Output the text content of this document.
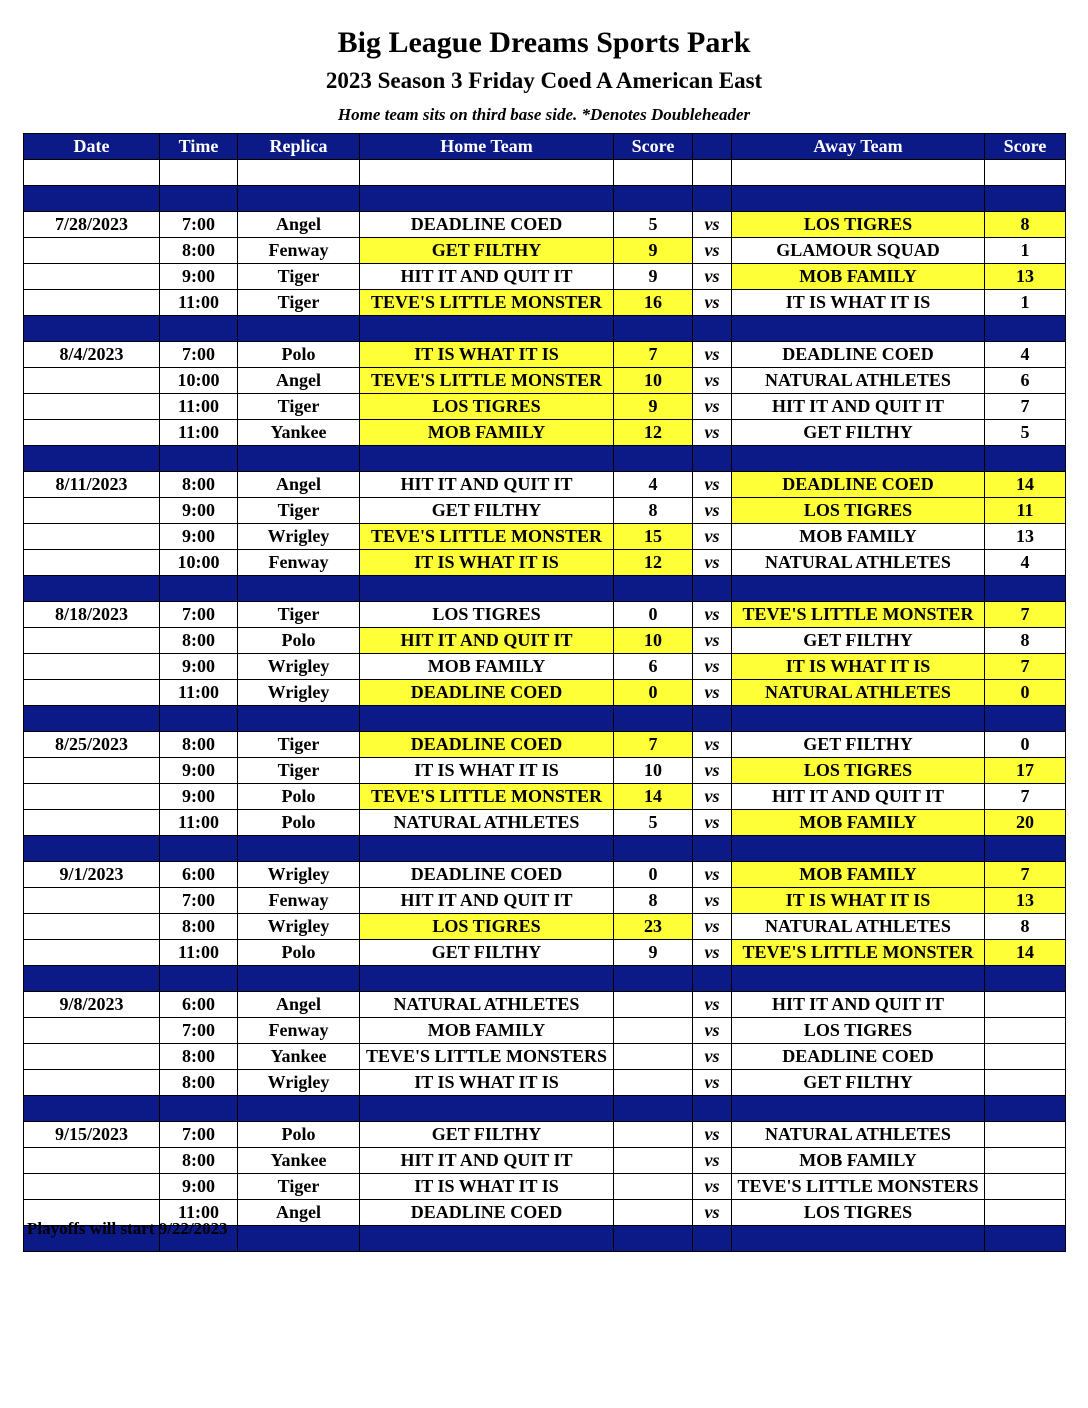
Big League Dreams Sports Park
2023 Season 3 Friday Coed A American East
Home team sits on third base side. *Denotes Doubleheader
Date	Time	Replica	Home Team	Score		Away Team	Score

7/28/2023	7:00	Angel	DEADLINE COED	5	vs	LOS TIGRES	8
	8:00	Fenway	GET FILTHY	9	vs	GLAMOUR SQUAD	1
	9:00	Tiger	HIT IT AND QUIT IT	9	vs	MOB FAMILY	13
	11:00	Tiger	TEVE'S LITTLE MONSTER	16	vs	IT IS WHAT IT IS	1

8/4/2023	7:00	Polo	IT IS WHAT IT IS	7	vs	DEADLINE COED	4
	10:00	Angel	TEVE'S LITTLE MONSTER	10	vs	NATURAL ATHLETES	6
	11:00	Tiger	LOS TIGRES	9	vs	HIT IT AND QUIT IT	7
	11:00	Yankee	MOB FAMILY	12	vs	GET FILTHY	5

8/11/2023	8:00	Angel	HIT IT AND QUIT IT	4	vs	DEADLINE COED	14
	9:00	Tiger	GET FILTHY	8	vs	LOS TIGRES	11
	9:00	Wrigley	TEVE'S LITTLE MONSTER	15	vs	MOB FAMILY	13
	10:00	Fenway	IT IS WHAT IT IS	12	vs	NATURAL ATHLETES	4

8/18/2023	7:00	Tiger	LOS TIGRES	0	vs	TEVE'S LITTLE MONSTER	7
	8:00	Polo	HIT IT AND QUIT IT	10	vs	GET FILTHY	8
	9:00	Wrigley	MOB FAMILY	6	vs	IT IS WHAT IT IS	7
	11:00	Wrigley	DEADLINE COED	0	vs	NATURAL ATHLETES	0

8/25/2023	8:00	Tiger	DEADLINE COED	7	vs	GET FILTHY	0
	9:00	Tiger	IT IS WHAT IT IS	10	vs	LOS TIGRES	17
	9:00	Polo	TEVE'S LITTLE MONSTER	14	vs	HIT IT AND QUIT IT	7
	11:00	Polo	NATURAL ATHLETES	5	vs	MOB FAMILY	20

9/1/2023	6:00	Wrigley	DEADLINE COED	0	vs	MOB FAMILY	7
	7:00	Fenway	HIT IT AND QUIT IT	8	vs	IT IS WHAT IT IS	13
	8:00	Wrigley	LOS TIGRES	23	vs	NATURAL ATHLETES	8
	11:00	Polo	GET FILTHY	9	vs	TEVE'S LITTLE MONSTER	14

9/8/2023	6:00	Angel	NATURAL ATHLETES		vs	HIT IT AND QUIT IT	
	7:00	Fenway	MOB FAMILY		vs	LOS TIGRES	
	8:00	Yankee	TEVE'S LITTLE MONSTERS		vs	DEADLINE COED	
	8:00	Wrigley	IT IS WHAT IT IS		vs	GET FILTHY	

9/15/2023	7:00	Polo	GET FILTHY		vs	NATURAL ATHLETES	
	8:00	Yankee	HIT IT AND QUIT IT		vs	MOB FAMILY	
	9:00	Tiger	IT IS WHAT IT IS		vs	TEVE'S LITTLE MONSTERS	
	11:00	Angel	DEADLINE COED		vs	LOS TIGRES	

Playoffs will start 9/22/2023
